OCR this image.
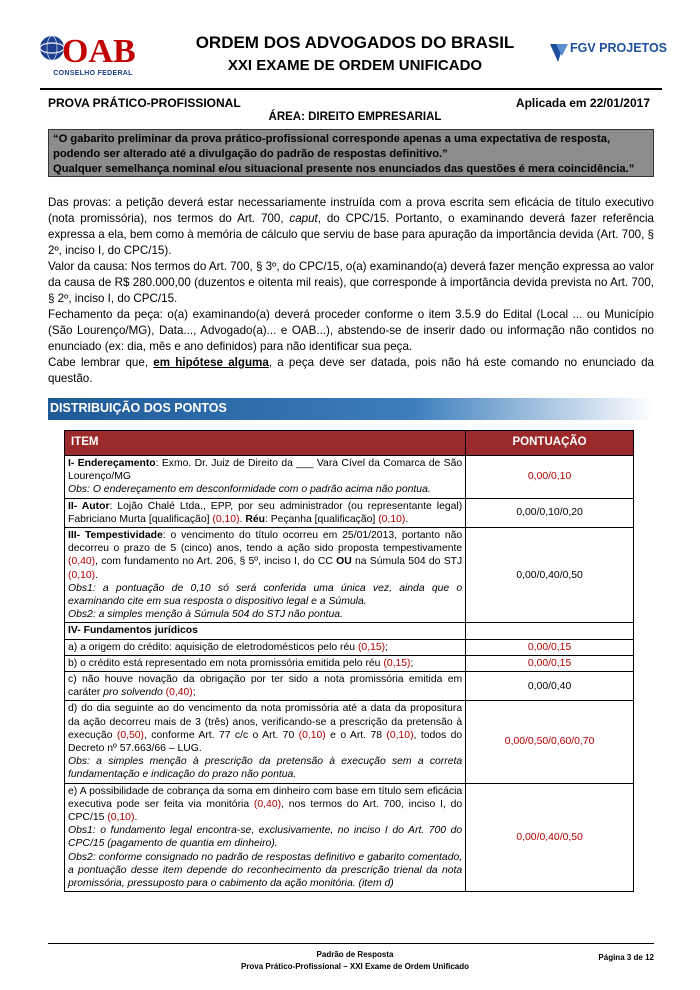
OAB
CONSELHO FEDERAL
ORDEM DOS ADVOGADOS DO BRASIL
XXI EXAME DE ORDEM UNIFICADO
FGV PROJETOS
PROVA PRÁTICO-PROFISSIONAL	Aplicada em 22/01/2017
ÁREA: DIREITO EMPRESARIAL
“O gabarito preliminar da prova prático-profissional corresponde apenas a uma expectativa de resposta, podendo ser alterado até a divulgação do padrão de respostas definitivo.”
Qualquer semelhança nominal e/ou situacional presente nos enunciados das questões é mera coincidência.”

Das provas: a petição deverá estar necessariamente instruída com a prova escrita sem eficácia de título executivo (nota promissória), nos termos do Art. 700, caput, do CPC/15. Portanto, o examinando deverá fazer referência expressa a ela, bem como à memória de cálculo que serviu de base para apuração da importância devida (Art. 700, § 2º, inciso I, do CPC/15).

Valor da causa: Nos termos do Art. 700, § 3º, do CPC/15, o(a) examinando(a) deverá fazer menção expressa ao valor da causa de R$ 280.000,00 (duzentos e oitenta mil reais), que corresponde à importância devida prevista no Art. 700, § 2º, inciso I, do CPC/15.

Fechamento da peça: o(a) examinando(a) deverá proceder conforme o item 3.5.9 do Edital (Local ... ou Município (São Lourenço/MG), Data..., Advogado(a)... e OAB...), abstendo-se de inserir dado ou informação não contidos no enunciado (ex: dia, mês e ano definidos) para não identificar sua peça.

Cabe lembrar que, em hipótese alguma, a peça deve ser datada, pois não há este comando no enunciado da questão.

DISTRIBUIÇÃO DOS PONTOS
ITEM	PONTUAÇÃO
I- Endereçamento: Exmo. Dr. Juiz de Direito da ___ Vara Cível da Comarca de São Lourenço/MG
Obs: O endereçamento em desconformidade com o padrão acima não pontua.	0,00/0,10
II- Autor: Lojão Chalé Ltda., EPP, por seu administrador (ou representante legal) Fabriciano Murta [qualificação] (0,10). Réu: Peçanha [qualificação] (0,10).	0,00/0,10/0,20
III- Tempestividade: o vencimento do título ocorreu em 25/01/2013, portanto não decorreu o prazo de 5 (cinco) anos, tendo a ação sido proposta tempestivamente (0,40), com fundamento no Art. 206, § 5º, inciso I, do CC OU na Súmula 504 do STJ (0,10).
Obs1: a pontuação de 0,10 só será conferida uma única vez, ainda que o examinando cite em sua resposta o dispositivo legal e a Súmula.
Obs2: a simples menção à Súmula 504 do STJ não pontua.	0,00/0,40/0,50
IV- Fundamentos jurídicos	
a) a origem do crédito: aquisição de eletrodomésticos pelo réu (0,15);	0,00/0,15
b) o crédito está representado em nota promissória emitida pelo réu (0,15);	0,00/0,15
c) não houve novação da obrigação por ter sido a nota promissória emitida em caráter pro solvendo (0,40);	0,00/0,40
d) do dia seguinte ao do vencimento da nota promissória até a data da propositura da ação decorreu mais de 3 (três) anos, verificando-se a prescrição da pretensão à execução (0,50), conforme Art. 77 c/c o Art. 70 (0,10) e o Art. 78 (0,10), todos do Decreto nº 57.663/66 – LUG.
Obs: a simples menção à prescrição da pretensão à execução sem a correta fundamentação e indicação do prazo não pontua.	0,00/0,50/0,60/0,70
e) A possibilidade de cobrança da soma em dinheiro com base em título sem eficácia executiva pode ser feita via monitória (0,40), nos termos do Art. 700, inciso I, do CPC/15 (0,10).
Obs1: o fundamento legal encontra-se, exclusivamente, no inciso I do Art. 700 do CPC/15 (pagamento de quantia em dinheiro).
Obs2: conforme consignado no padrão de respostas definitivo e gabarito comentado, a pontuação desse item depende do reconhecimento da prescrição trienal da nota promissória, pressuposto para o cabimento da ação monitória. (item d)	0,00/0,40/0,50
Padrão de Resposta
Prova Prático-Profissional – XXI Exame de Ordem Unificado
Página 3 de 12
